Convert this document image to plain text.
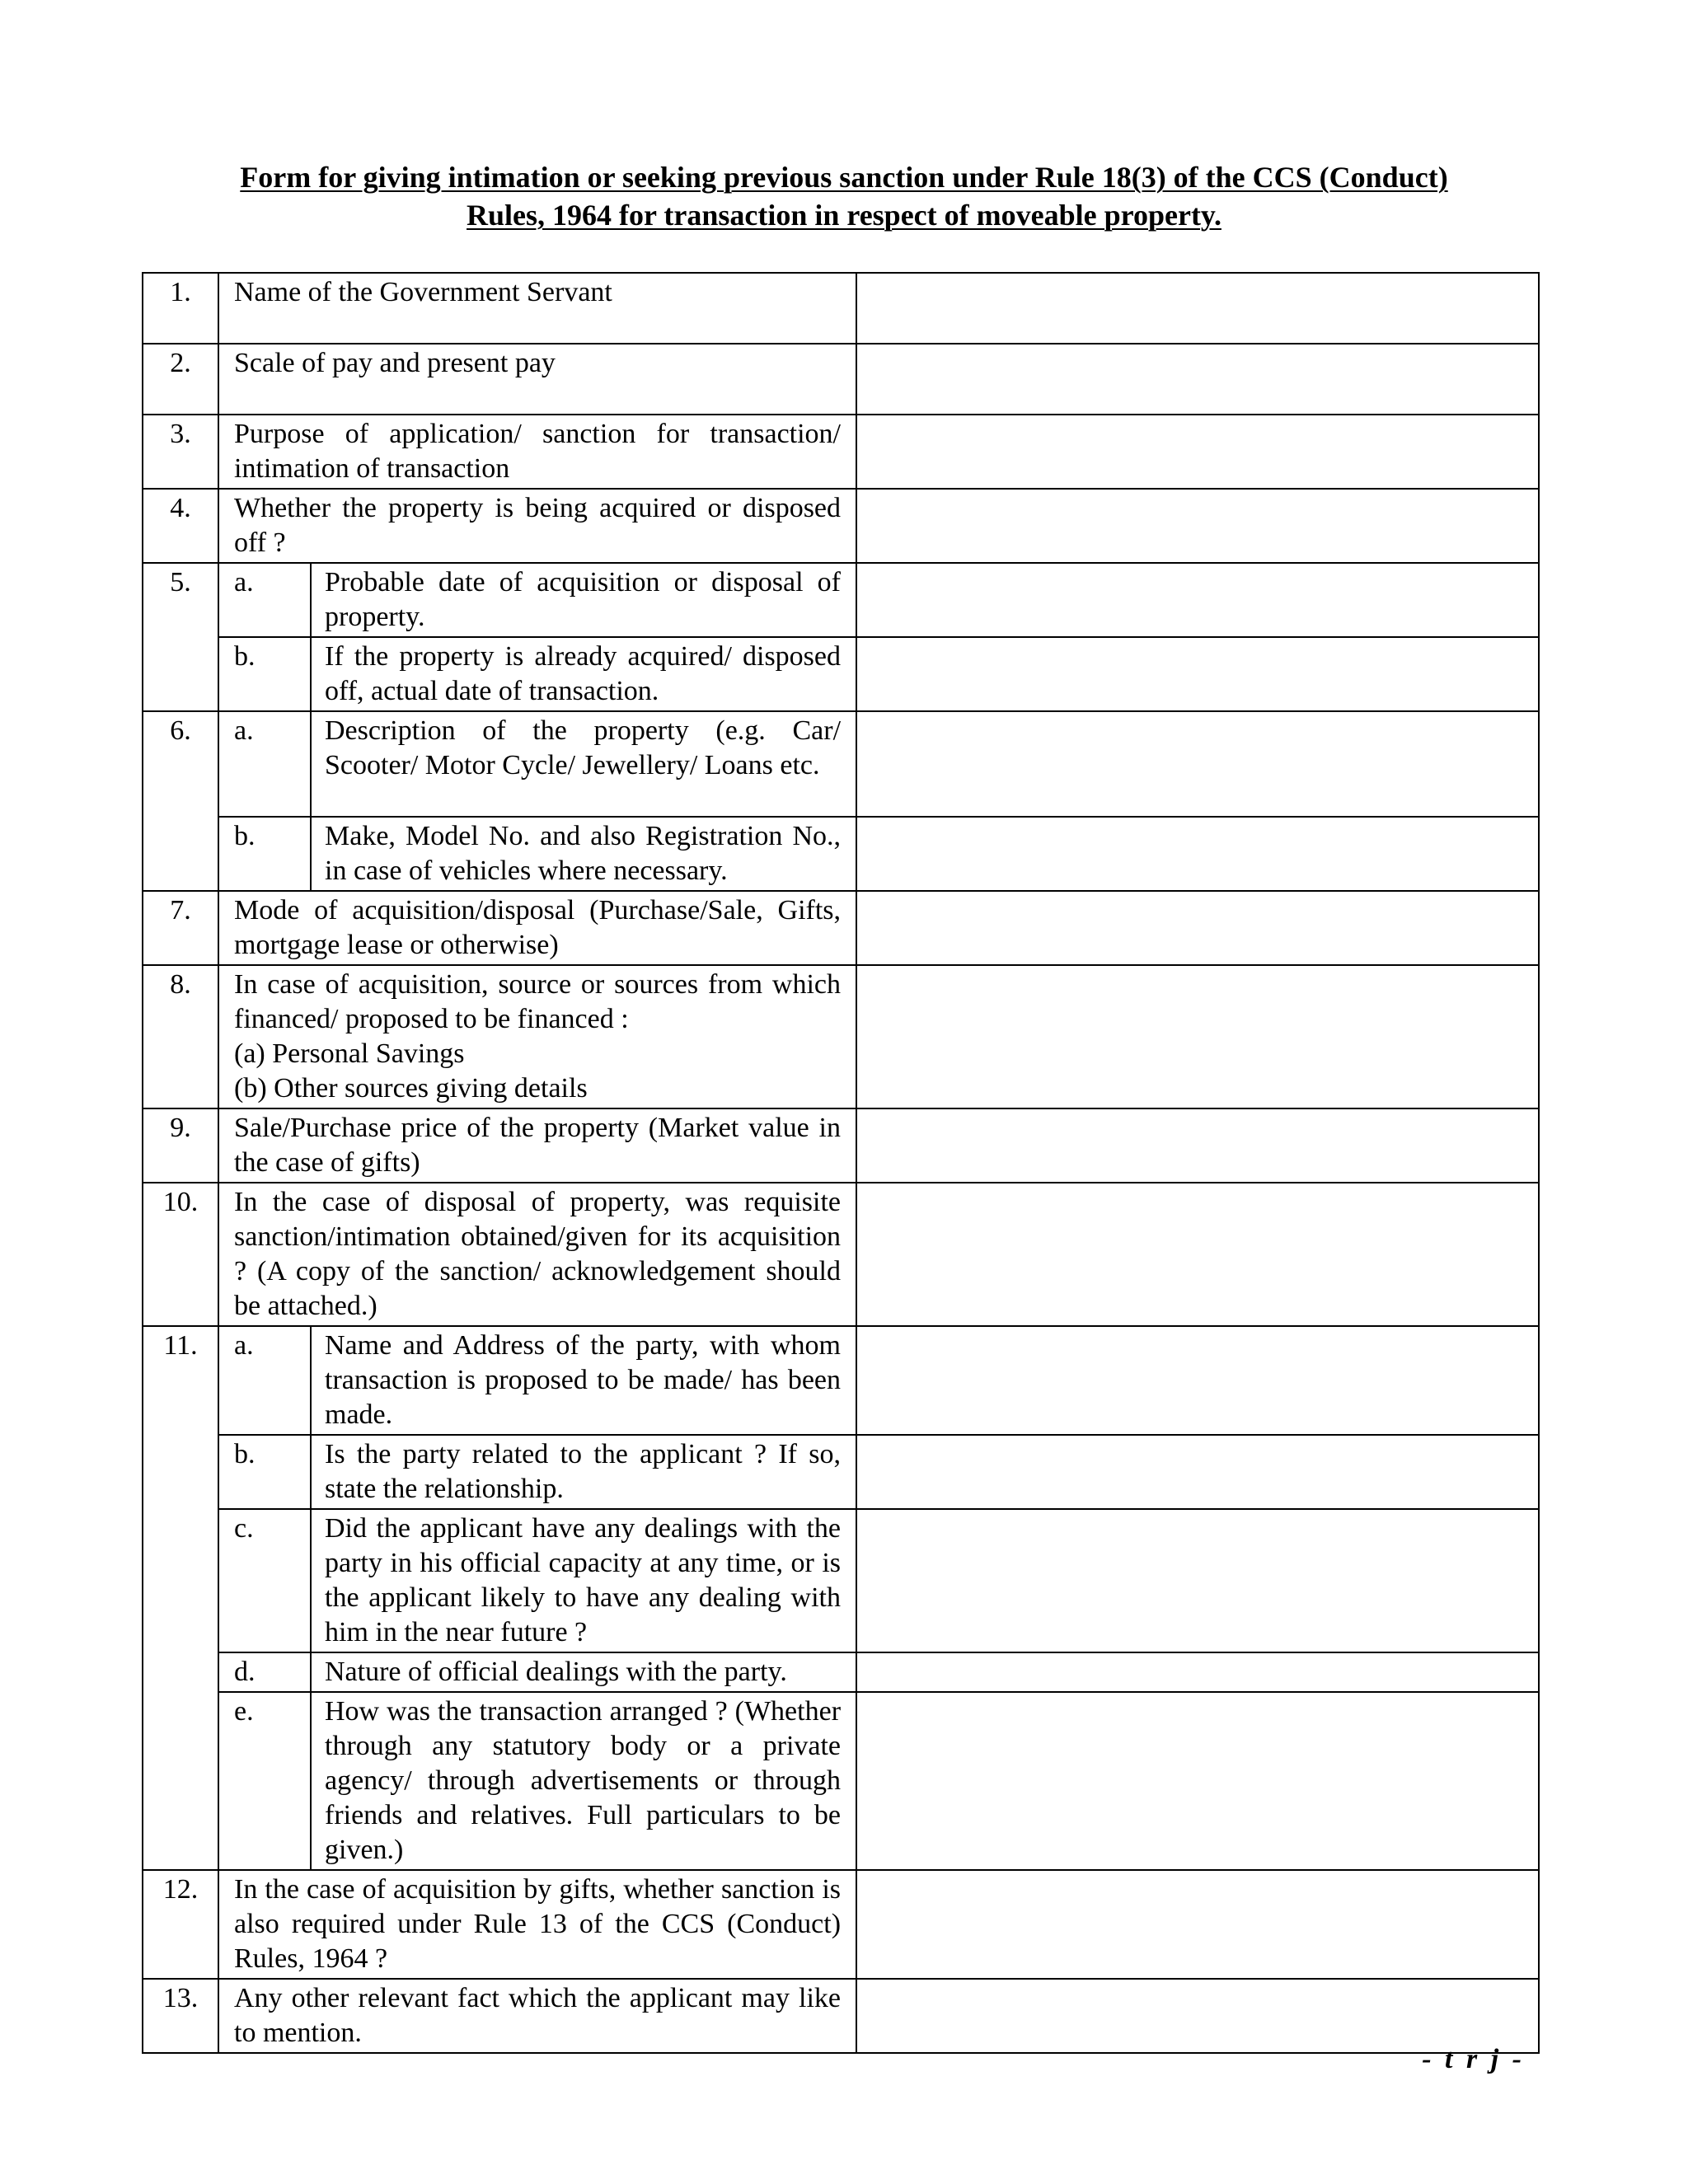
Form for giving intimation or seeking previous sanction under Rule 18(3) of the CCS (Conduct)
Rules, 1964 for transaction in respect of moveable property.
1.	Name of the Government Servant		
2.	Scale of pay and present pay		
3.	Purpose of application/ sanction for transaction/ intimation of transaction		
4.	Whether the property is being acquired or disposed off ?		
5.	a.	Probable date of acquisition or disposal of property.	
	b.	If the property is already acquired/ disposed off, actual date of transaction.	
6.	a.	Description of the property (e.g. Car/ Scooter/ Motor Cycle/ Jewellery/ Loans etc.	
	b.	Make, Model No. and also Registration No., in case of vehicles where necessary.	
7.	Mode of acquisition/disposal (Purchase/Sale, Gifts, mortgage lease or otherwise)		
8.	In case of acquisition, source or sources from which financed/ proposed to be financed :
(a) Personal Savings
(b) Other sources giving details		

9.	Sale/Purchase price of the property (Market value in the case of gifts)		
10.	In the case of disposal of property, was requisite sanction/intimation obtained/given for its acquisition ? (A copy of the sanction/ acknowledgement should be attached.)		
11.	a.	Name and Address of the party, with whom transaction is proposed to be made/ has been made.	
	b.	Is the party related to the applicant ? If so, state the relationship.	
	c.	Did the applicant have any dealings with the party in his official capacity at any time, or is the applicant likely to have any dealing with him in the near future ?	
	d.	Nature of official dealings with the party.	
	e.	How was the transaction arranged ? (Whether through any statutory body or a private agency/ through advertisements or through friends and relatives. Full particulars to be given.)	
12.	In the case of acquisition by gifts, whether sanction is also required under Rule 13 of the CCS (Conduct) Rules, 1964 ?		
13.	Any other relevant fact which the applicant may like to mention.		
- t r j -
